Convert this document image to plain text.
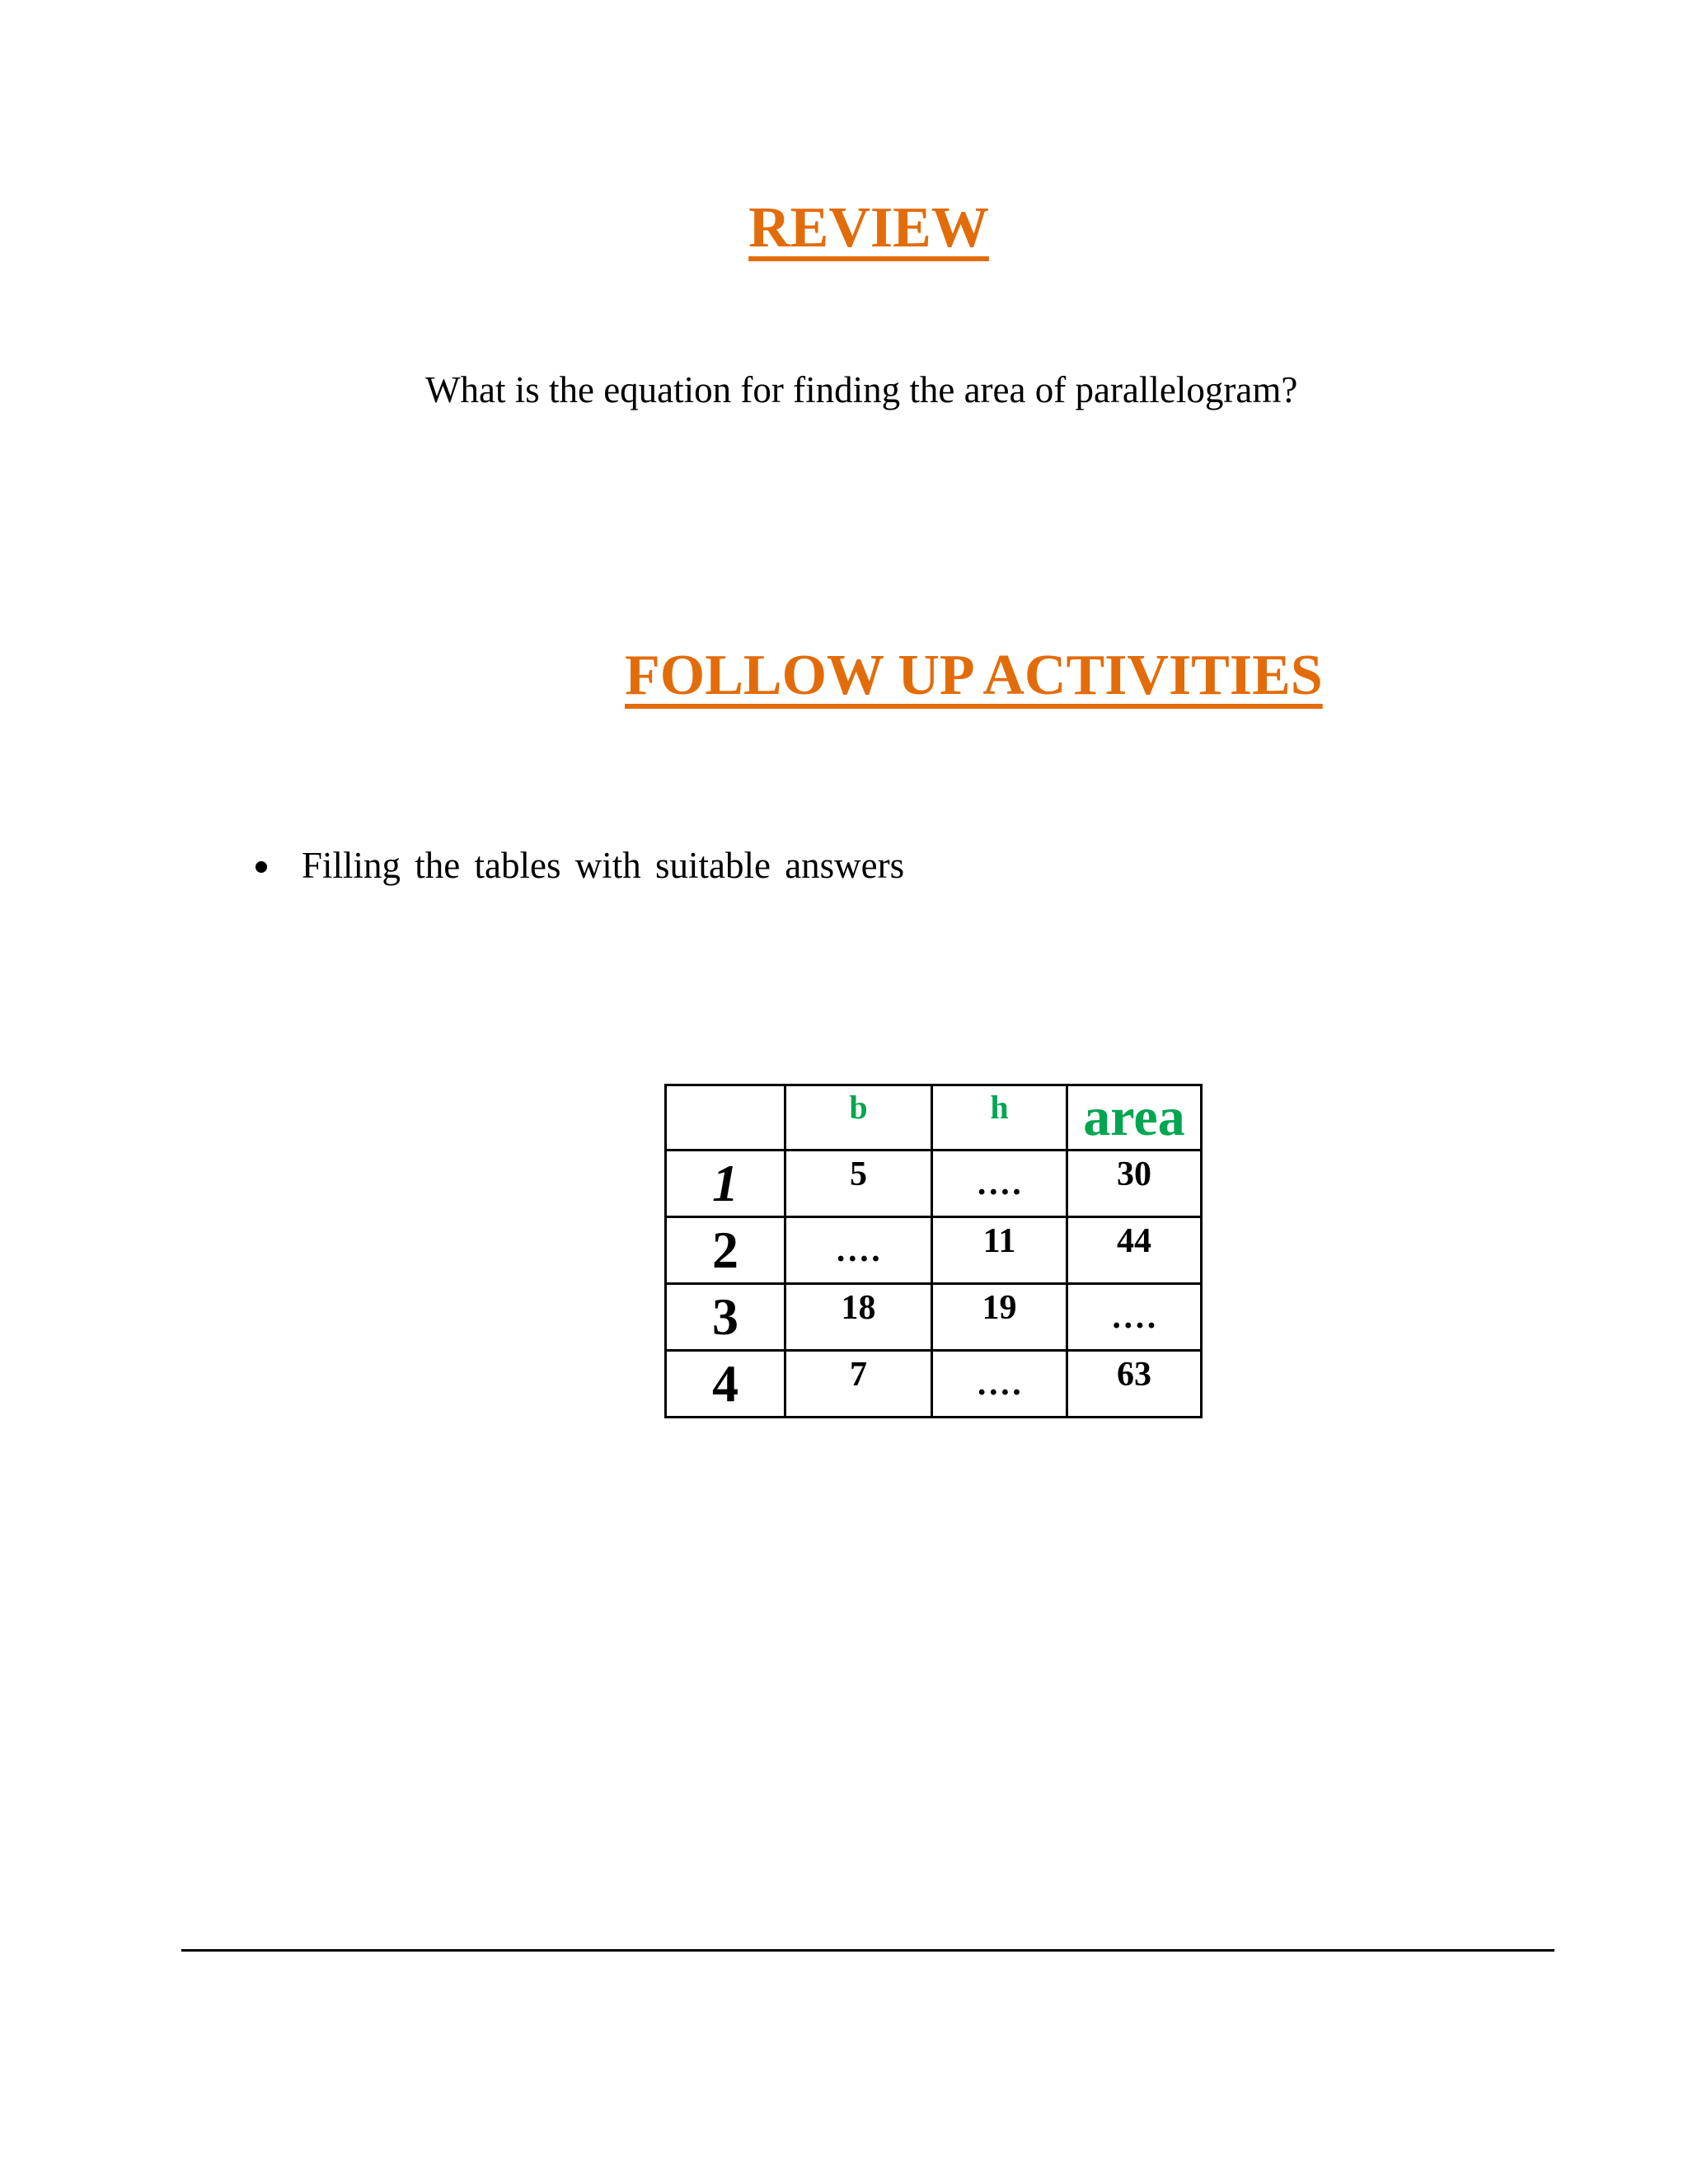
REVIEW

What is the equation for finding the area of parallelogram?

FOLLOW UP ACTIVITIES
Filling the tables with suitable answers
	b	h	area
1	5	….	30
2	….	11	44
3	18	19	….
4	7	….	63
